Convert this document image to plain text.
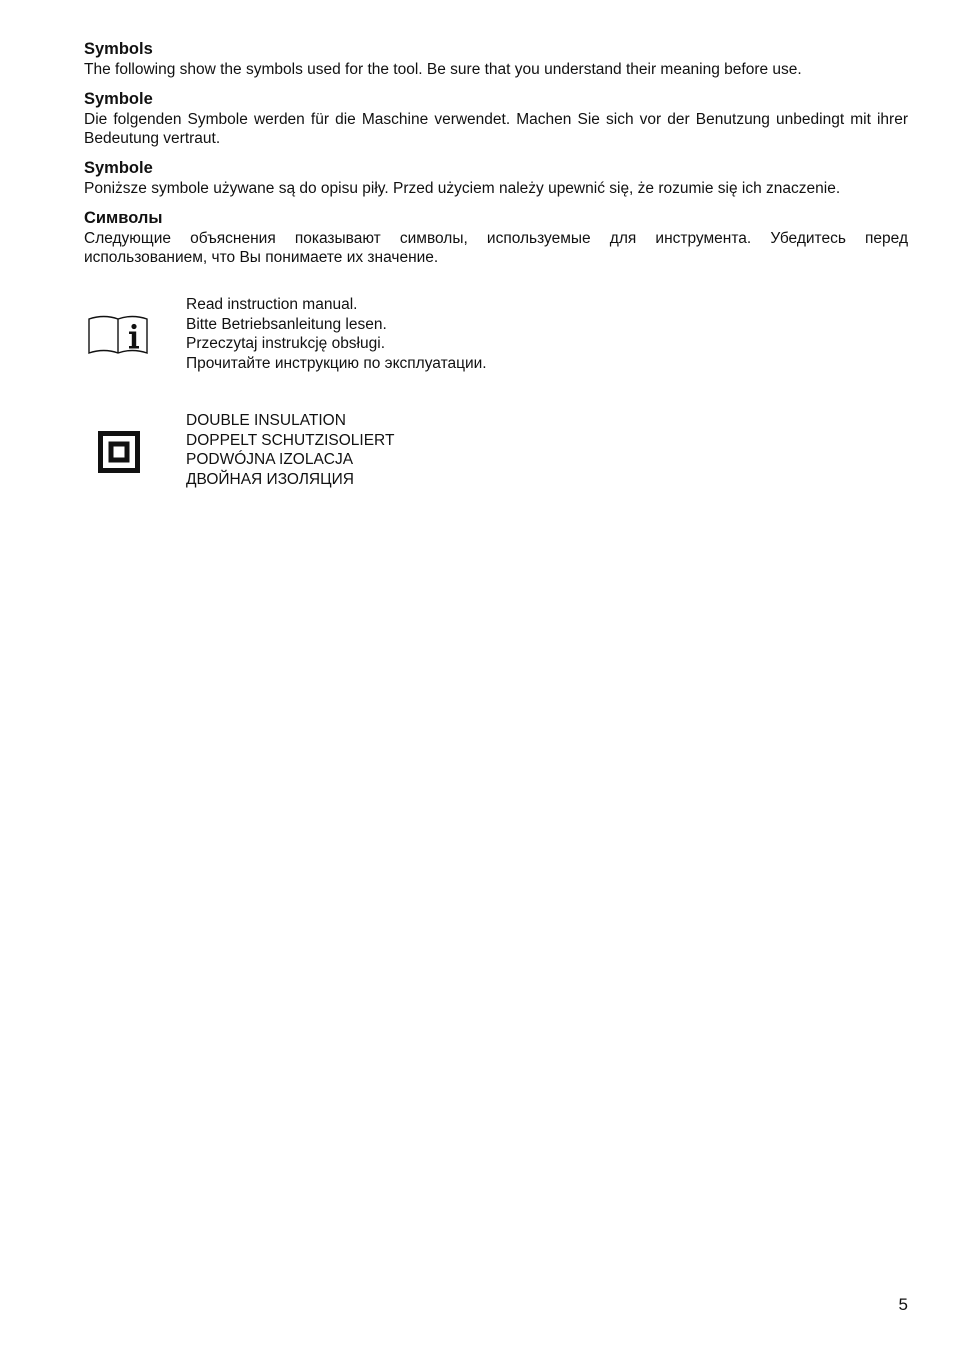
Symbols

The following show the symbols used for the tool. Be sure that you understand their meaning before use.

Symbole

Die folgenden Symbole werden für die Maschine verwendet. Machen Sie sich vor der Benutzung unbedingt mit ihrer Bedeutung vertraut.

Symbole

Poniższe symbole używane są do opisu piły. Przed użyciem należy upewnić się, że rozumie się ich znaczenie.

Символы

Следующие объяснения показывают символы, используемые для инструмента. Убедитесь перед использованием, что Вы понимаете их значение.

Read instruction manual.
Bitte Betriebsanleitung lesen.
Przeczytaj instrukcję obsługi.
Прочитайте инструкцию по эксплуатации.
DOUBLE INSULATION
DOPPELT SCHUTZISOLIERT
PODWÓJNA IZOLACJA
ДВОЙНАЯ ИЗОЛЯЦИЯ
5
